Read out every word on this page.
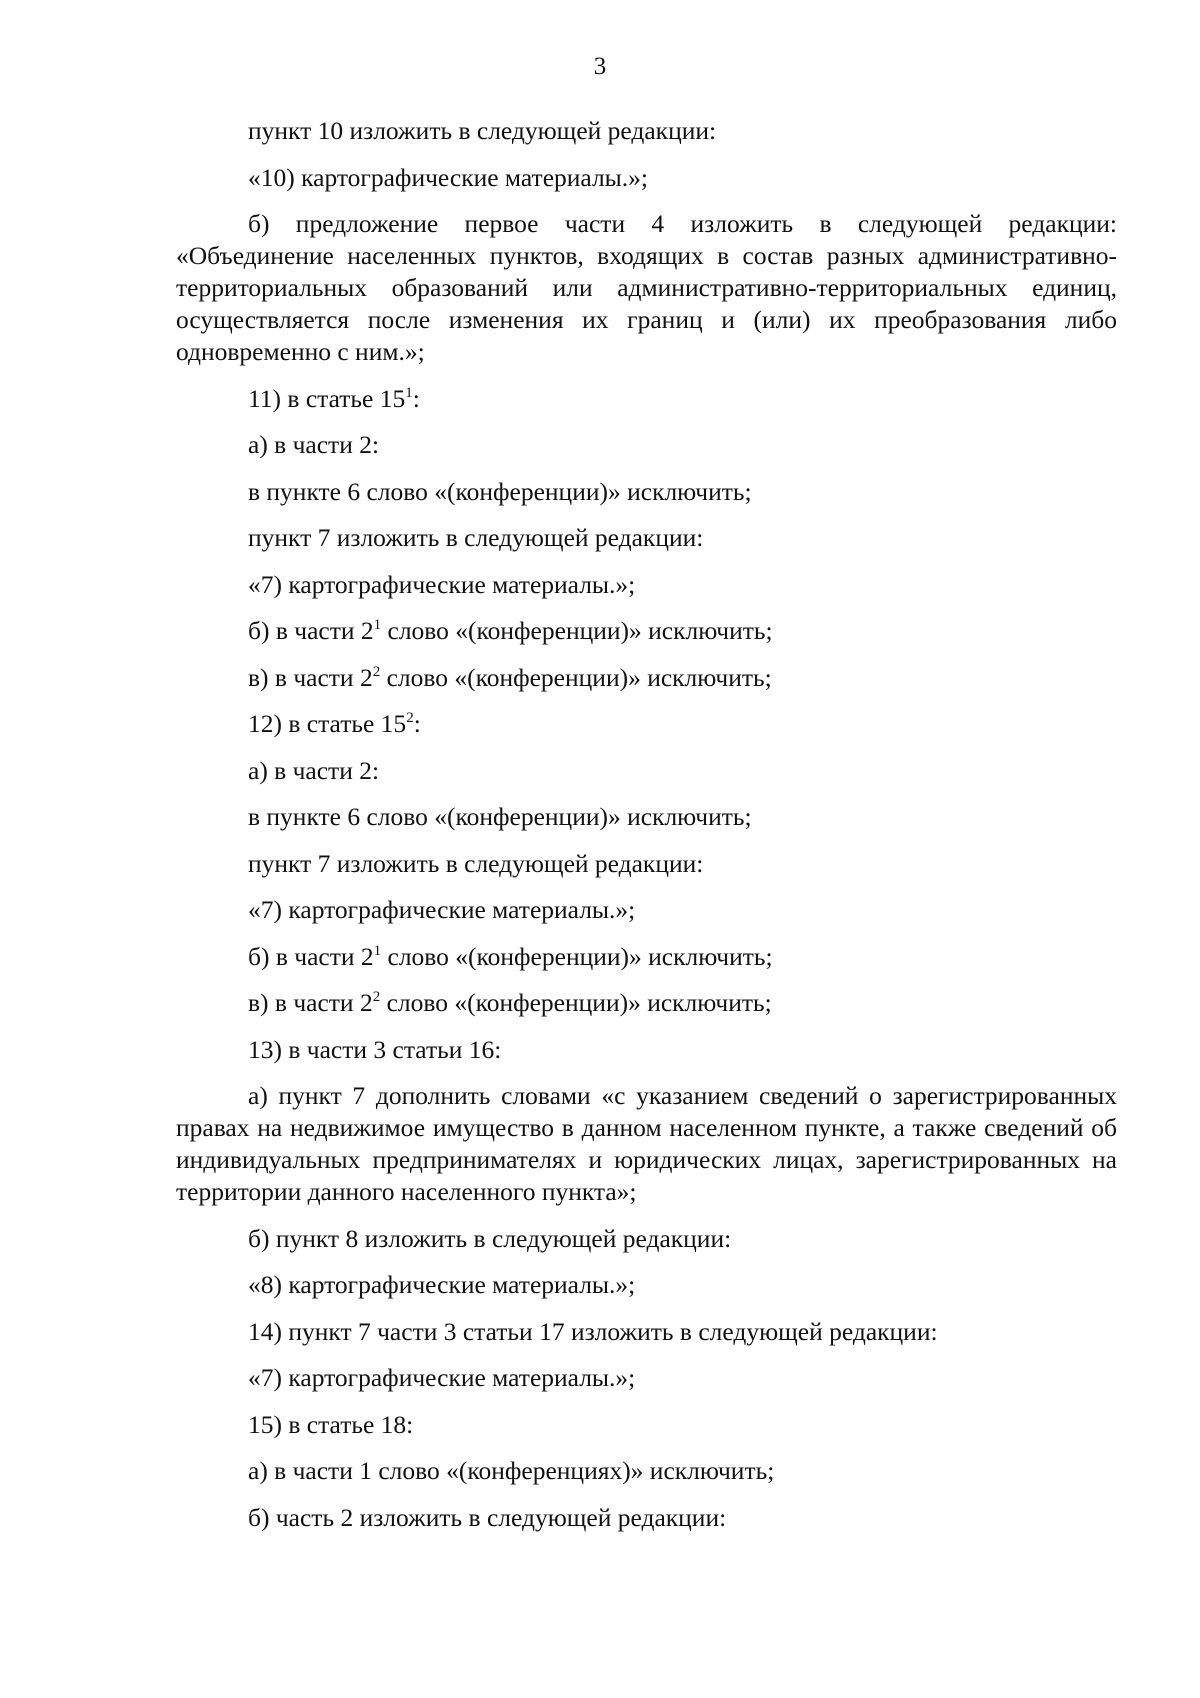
3

пункт 10 изложить в следующей редакции:

«10) картографические материалы.»;

б) предложение первое части 4 изложить в следующей редакции: «Объединение населенных пунктов, входящих в состав разных административно-территориальных образований или административно-территориальных единиц, осуществляется после изменения их границ и (или) их преобразования либо одновременно с ним.»;

11) в статье $15^1$:

а) в части 2:

в пункте 6 слово «(конференции)» исключить;

пункт 7 изложить в следующей редакции:

«7) картографические материалы.»;

б) в части $2^1$ слово «(конференции)» исключить;

в) в части $2^2$ слово «(конференции)» исключить;

12) в статье $15^2$:

а) в части 2:

в пункте 6 слово «(конференции)» исключить;

пункт 7 изложить в следующей редакции:

«7) картографические материалы.»;

б) в части $2^1$ слово «(конференции)» исключить;

в) в части $2^2$ слово «(конференции)» исключить;

13) в части 3 статьи 16:

а) пункт 7 дополнить словами «с указанием сведений о зарегистрированных правах на недвижимое имущество в данном населенном пункте, а также сведений об индивидуальных предпринимателях и юридических лицах, зарегистрированных на территории данного населенного пункта»;

б) пункт 8 изложить в следующей редакции:

«8) картографические материалы.»;

14) пункт 7 части 3 статьи 17 изложить в следующей редакции:

«7) картографические материалы.»;

15) в статье 18:

а) в части 1 слово «(конференциях)» исключить;

б) часть 2 изложить в следующей редакции:
